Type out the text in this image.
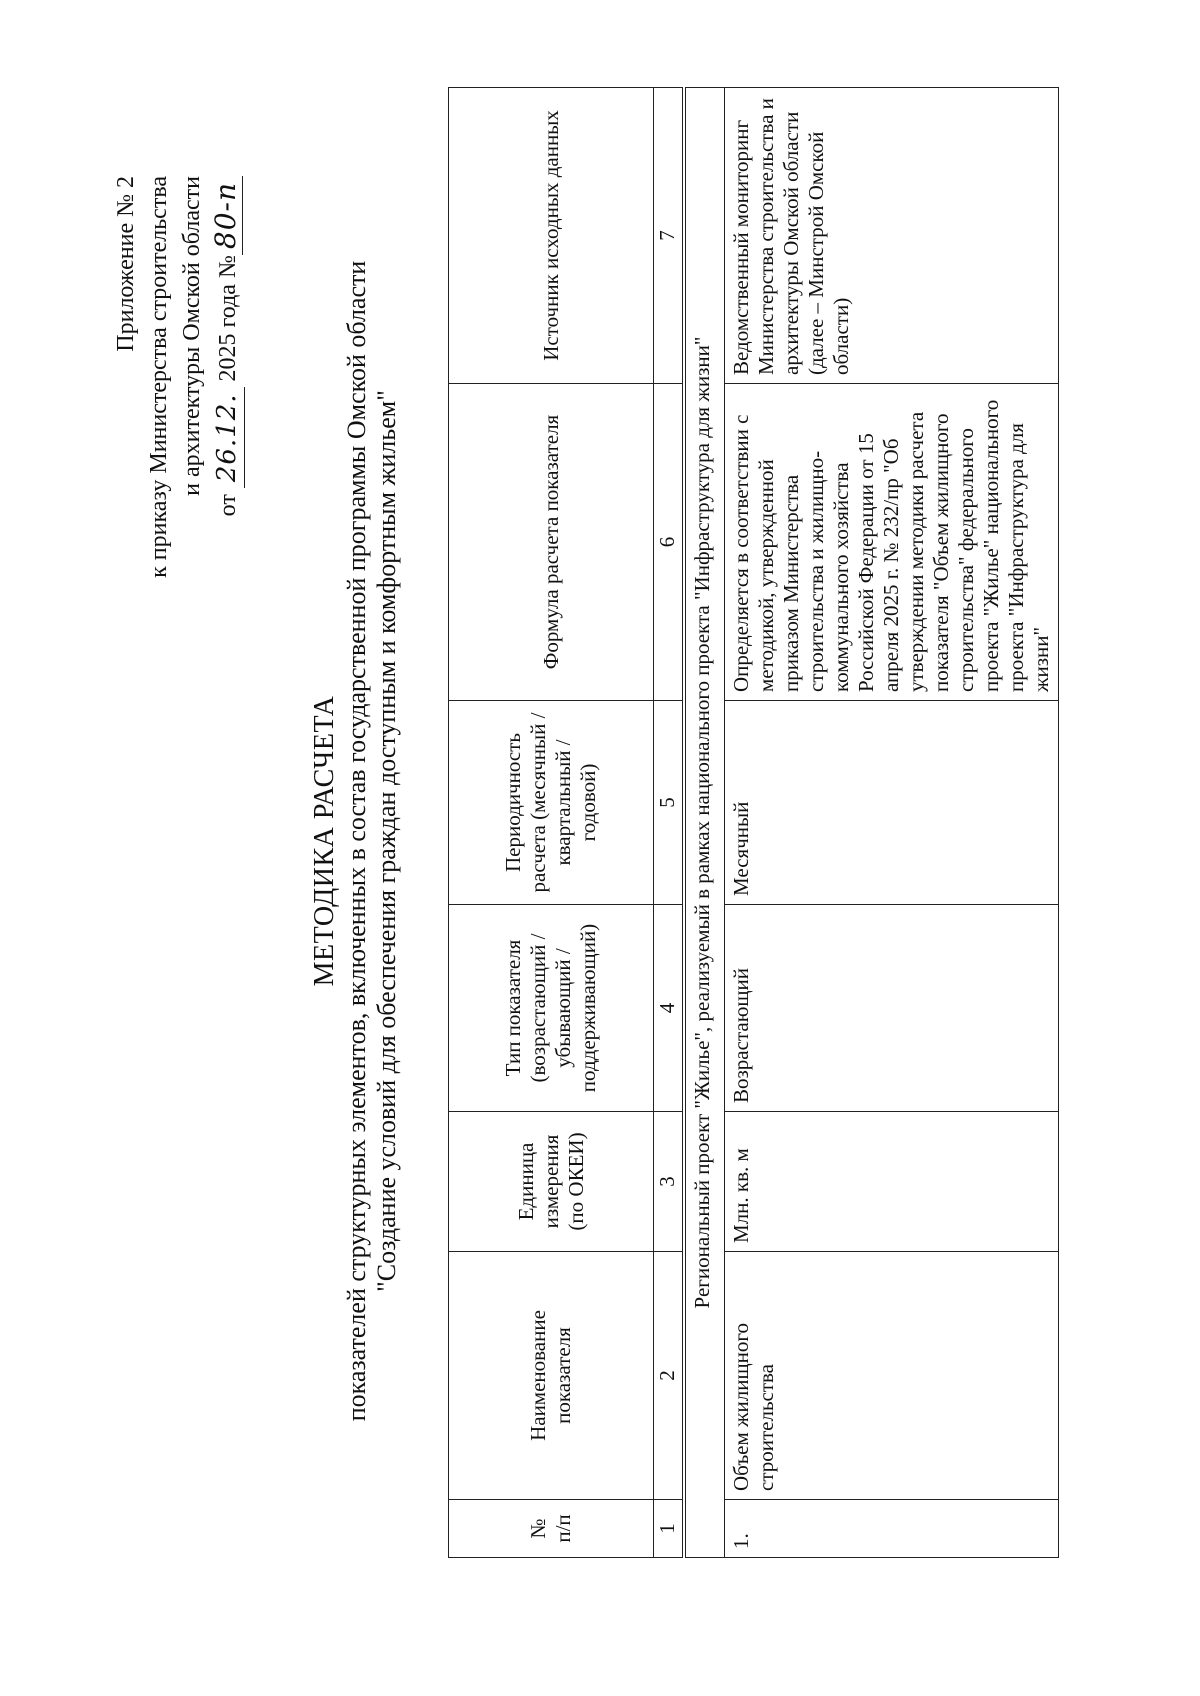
Приложение № 2 к приказу Министерства строительства и архитектуры Омской области
от 26.12. 2025 года №80-п
МЕТОДИКА РАСЧЕТА показателей структурных элементов, включенных в состав государственной программы Омской области "Создание условий для обеспечения граждан доступным и комфортным жильем"
№ п/п	Наименование показателя	Единица измерения (по ОКЕИ)	Тип показателя (возрастающий / убывающий / поддерживающий)	Периодичность расчета (месячный / квартальный / годовой)	Формула расчета показателя	Источник исходных данных
1	2	3	4	5	6	7
Региональный проект "Жилье", реализуемый в рамках национального проекта "Инфраструктура для жизни"						
1.	Объем жилищного строительства	Млн. кв. м	Возрастающий	Месячный	Определяется в соответствии с методикой, утвержденной приказом Министерства строительства и жилищно-коммунального хозяйства Российской Федерации от 15 апреля 2025 г. № 232/пр "Об утверждении методики расчета показателя "Объем жилищного строительства" федерального проекта "Жилье" национального проекта "Инфраструктура для жизни"	Ведомственный мониторинг Министерства строительства и архитектуры Омской области (далее – Минстрой Омской области)
